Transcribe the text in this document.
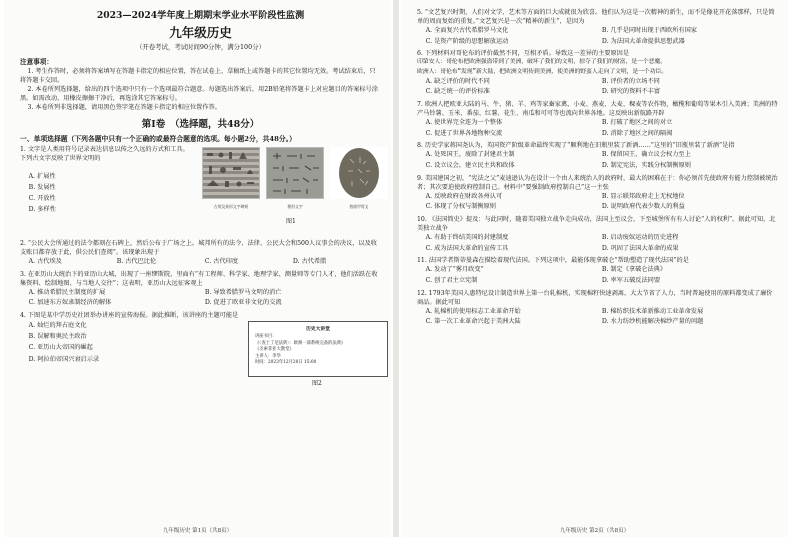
2023—2024学年度上期期末学业水平阶段性监测
九年级历史
（开卷考试，考试时间90分钟，满分100分）
注意事项：
1. 考生作答时，必须将答案填写在答题卡指定的相应位置，答在试卷上、草稿纸上或答题卡的其它位置均无效。考试结束后，只将答题卡交回。
2. 本卷所列选择题，给出的四个选项中只有一个选项最符合题意。每题选出答案后，用2B铅笔将答题卡上对应题目的答案标号涂黑。如需改动，用橡皮擦擦干净后，再选涂其它答案标号。
3. 本卷所列非选择题，请用黑色签字笔在答题卡指定的相应位置作答。
第Ⅰ卷　（选择题，共48分）
一、单项选择题（下列各题中只有一个正确的或最符合题意的选项。每小题2分，共48分。）
1. 文字是人类用符号记录表达信息以传之久远的方式和工具。下列古文字反映了世界文明的
A. 扩展性
B. 发展性
C. 开放性
D. 多样性
古埃及象形文字碑刻	楔形文字	殷商甲骨文
图1
2. “公民大会所通过的法令都刻在石碑上，然后公布于广场之上。城邦所有的法令、法律、公民大会和500人议事会的决议，以及收支账目都存放于此，供公民们查阅”。该现象出现于
A. 古代埃及	B. 古代巴比伦	C. 古代印度	D. 古代希腊
3. 在亚历山大统治下的亚历山大城，出现了一座缪斯院，里面有“有工程师、科学家、地理学家、测量师等专门人才，他们活跃在收集资料、绘制地图、与当地人交往”；这表明，亚历山大远征客观上
A. 推动希腊民主制度的扩展	B. 导致希腊罗马文明的消亡
C. 加速东方奴隶制经济的解体	D. 促进了欧亚非文化的交流
4. 下图是某中学历史社团举办讲座的宣传海报。据此推断，该讲座的主题可能是
A. 灿烂的拜占庭文化
B. 误解和奥民主政治
C. 亚历山大帝国的崛起
D. 阿拉伯帝国兴衰启示录
历史大讲堂
讲座书目：
《〈查士丁尼法典〉：欧洲一部系统完备的法典》
《圣索菲亚大教堂》
主讲人：李华
时间：2023年12月20日 15:00
图2
九年级历史 第1页（共8页）
5. “文艺复兴时期，人们对文学、艺术等方面的巨大成就很为欣喜。他们认为这是一次精神的新生，而不是像花开花落那样，只是简单的周而复始的重复。”文艺复兴是一次“精神的新生”，是因为
A. 全面复兴古代希腊罗马文化	B. 几乎是同时出现于西欧所有国家
C. 是资产阶级的思想解放运动	D. 为法国大革命提供思想武器
6. 下列材料对哥伦布的评价截然不同，互相矛盾。导致这一差异的主要原因是
印第安人：哥伦布把欧洲强盗带到了美洲，破坏了我们的文明，掠夺了我们的财富，是一个恶魔。
欧洲人：哥伦布“发现”新大陆，把欧洲文明传到美洲，使美洲的野蛮人走向了文明，是一个功臣。
A. 缺乏评价的时代不同	B. 评价者的立场不同
C. 缺乏统一的评价标准	D. 研究的资料不丰富
7. 欧洲人把欧亚大陆的马、牛、猪、羊、鸡等家畜家禽，小麦、燕麦、大麦、稞麦等农作物，橄榄和葡萄等果木引入美洲；美洲的特产马铃薯、玉米、番茄、红薯、花生、南瓜和可可等也流向世界各地。这反映出新航路开辟
A. 使世界完全连为一个整体	B. 打破了地区之间的对立
C. 促进了世界各地物种交流	D. 消除了地区之间的隔阂
8. 历史学家蒋国尧认为，英国资产阶级革命最终实现了“顺利地在旧瓶里装了新酒……”这里的“旧瓶里装了新酒”是指
A. 处死国王，废除了封建君主制	B. 保留国王，确立议会权力至上
C. 设立议会，建立民主共和政体	D. 制定宪法，实践分权制衡原则
9. 美国建国之初，“宪法之父”麦迪逊认为在设计一个由人来统治人的政府时，最大的困难在于：你必须首先使政府有能力控制被统治者；其次要迫使政府控制自己。材料中“要强制政府控制自己”这一主张
A. 反映政府在财政各州认可	B. 显示联邦政府走上无权地位
C. 体现了分权与制衡原则	D. 说明政府代表少数人的利益
10. 《法国简史》提及：与此同时，随着美国独立战争走向成功，法国上至议会，下至城堡所有有人讨论“人的权利”。据此可知，北美独立战争
A. 有助于终结美国的封建制度	B. 启动废奴运动的历史进程
C. 成为法国大革命的宣传工具	D. 巩固了法国大革命的成果
11. 法国学者斯蒂曼森在描绘着现代法国。下列这项中，最能体现拿破仑“帮助塑造了现代法国”的是
A. 发动了“雾月政变”	B. 制定《拿破仑法典》
C. 创了君主立宪制	D. 率军五破反法同盟
12. 1793年美国人惠特尼设计制造世界上第一台轧棉机，实现棉籽快速剥离，大大节省了人力，当时普遍使用的原料都变成了廉价商品。据此可知
A. 轧棉机的使用标志工业革命开始	B. 棉纺织技术革新推动工业革命发展
C. 第一次工业革命兴起于美洲大陆	D. 水力纺纱机能解决棉纱产量的问题
九年级历史 第2页（共8页）
